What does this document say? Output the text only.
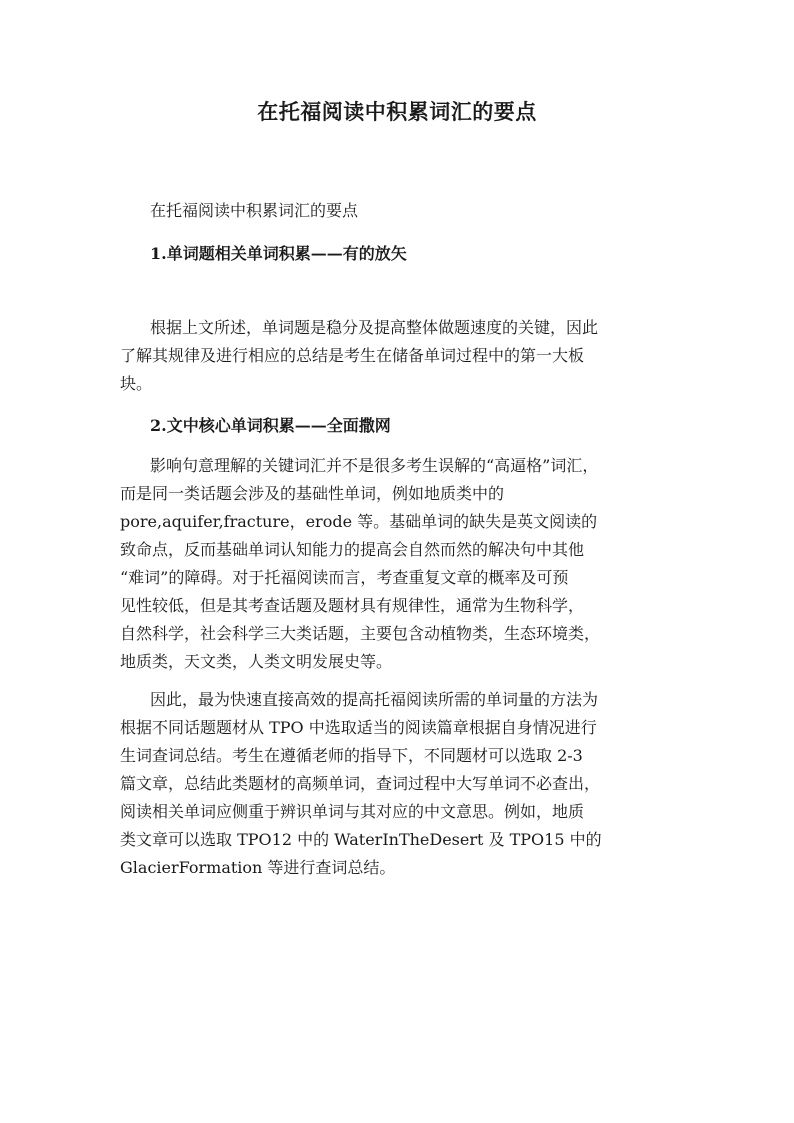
在托福阅读中积累词汇的要点

在托福阅读中积累词汇的要点

1.单词题相关单词积累——有的放矢

根据上文所述，单词题是稳分及提高整体做题速度的关键，因此

了解其规律及进行相应的总结是考生在储备单词过程中的第一大板

块。

2.文中核心单词积累——全面撒网

影响句意理解的关键词汇并不是很多考生误解的“高逼格”词汇，

而是同一类话题会涉及的基础性单词，例如地质类中的

pore,aquifer,fracture，erode 等。基础单词的缺失是英文阅读的

致命点，反而基础单词认知能力的提高会自然而然的解决句中其他

“难词”的障碍。对于托福阅读而言，考查重复文章的概率及可预

见性较低，但是其考查话题及题材具有规律性，通常为生物科学，

自然科学，社会科学三大类话题，主要包含动植物类，生态环境类，

地质类，天文类，人类文明发展史等。

因此，最为快速直接高效的提高托福阅读所需的单词量的方法为

根据不同话题题材从 TPO 中选取适当的阅读篇章根据自身情况进行

生词查词总结。考生在遵循老师的指导下，不同题材可以选取 2-3

篇文章，总结此类题材的高频单词，查词过程中大写单词不必查出，

阅读相关单词应侧重于辨识单词与其对应的中文意思。例如，地质

类文章可以选取 TPO12 中的 WaterInTheDesert 及 TPO15 中的

GlacierFormation 等进行查词总结。
